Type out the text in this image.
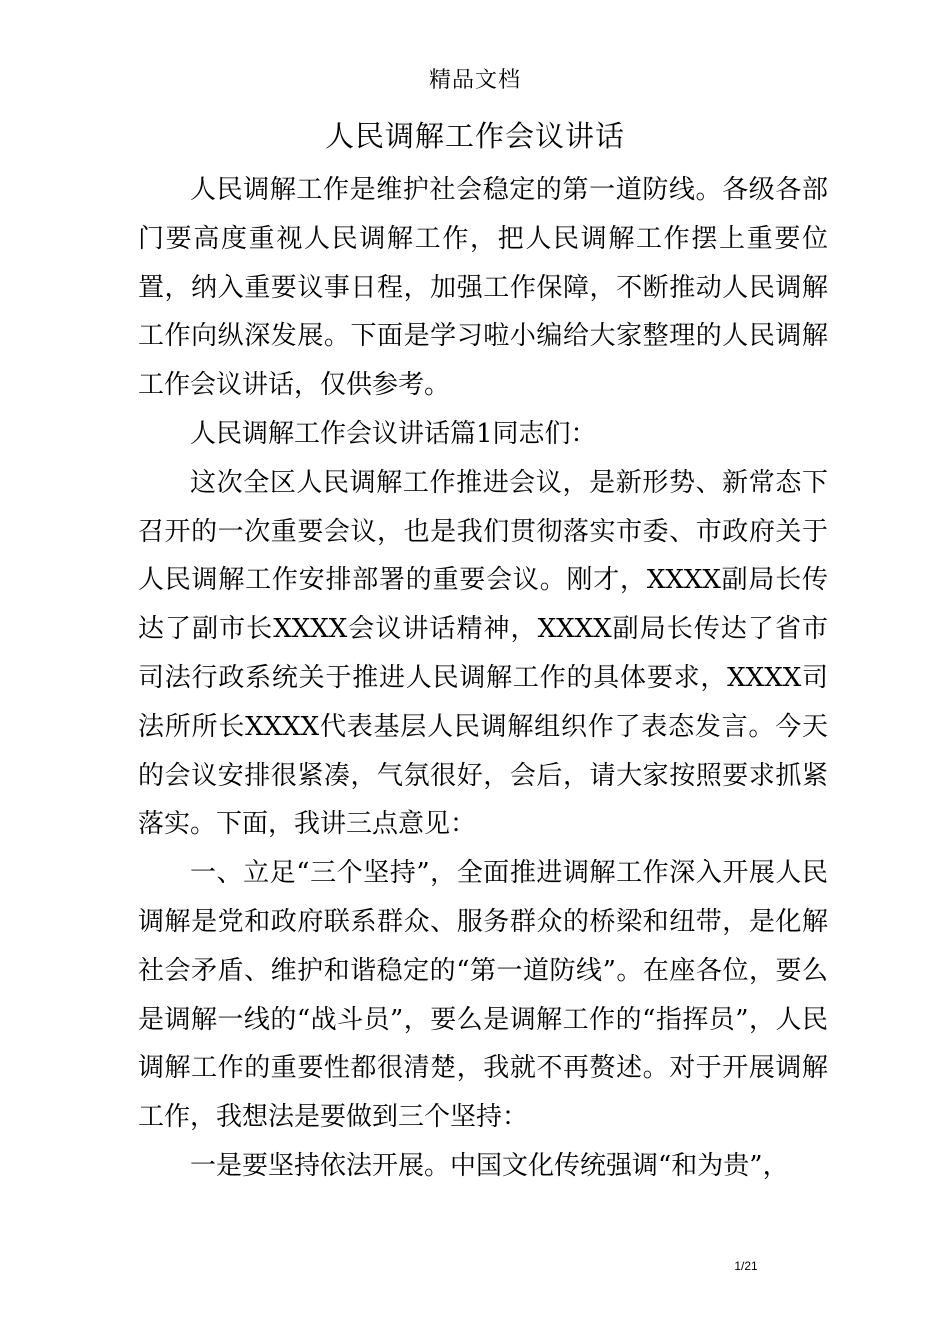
精品文档
人民调解工作会议讲话

人民调解工作是维护社会稳定的第一道防线。各级各部门要高度重视人民调解工作，把人民调解工作摆上重要位置，纳入重要议事日程，加强工作保障，不断推动人民调解工作向纵深发展。下面是学习啦小编给大家整理的人民调解工作会议讲话，仅供参考。

人民调解工作会议讲话篇1同志们：

这次全区人民调解工作推进会议，是新形势、新常态下召开的一次重要会议，也是我们贯彻落实市委、市政府关于人民调解工作安排部署的重要会议。刚才，XXXX副局长传达了副市长XXXX会议讲话精神，XXXX副局长传达了省市司法行政系统关于推进人民调解工作的具体要求，XXXX司法所所长XXXX代表基层人民调解组织作了表态发言。今天的会议安排很紧凑，气氛很好，会后，请大家按照要求抓紧落实。下面，我讲三点意见：

一、立足“三个坚持”，全面推进调解工作深入开展人民调解是党和政府联系群众、服务群众的桥梁和纽带，是化解社会矛盾、维护和谐稳定的“第一道防线”。在座各位，要么是调解一线的“战斗员”，要么是调解工作的“指挥员”，人民调解工作的重要性都很清楚，我就不再赘述。对于开展调解工作，我想法是要做到三个坚持：

一是要坚持依法开展。中国文化传统强调“和为贵”，

1/21
